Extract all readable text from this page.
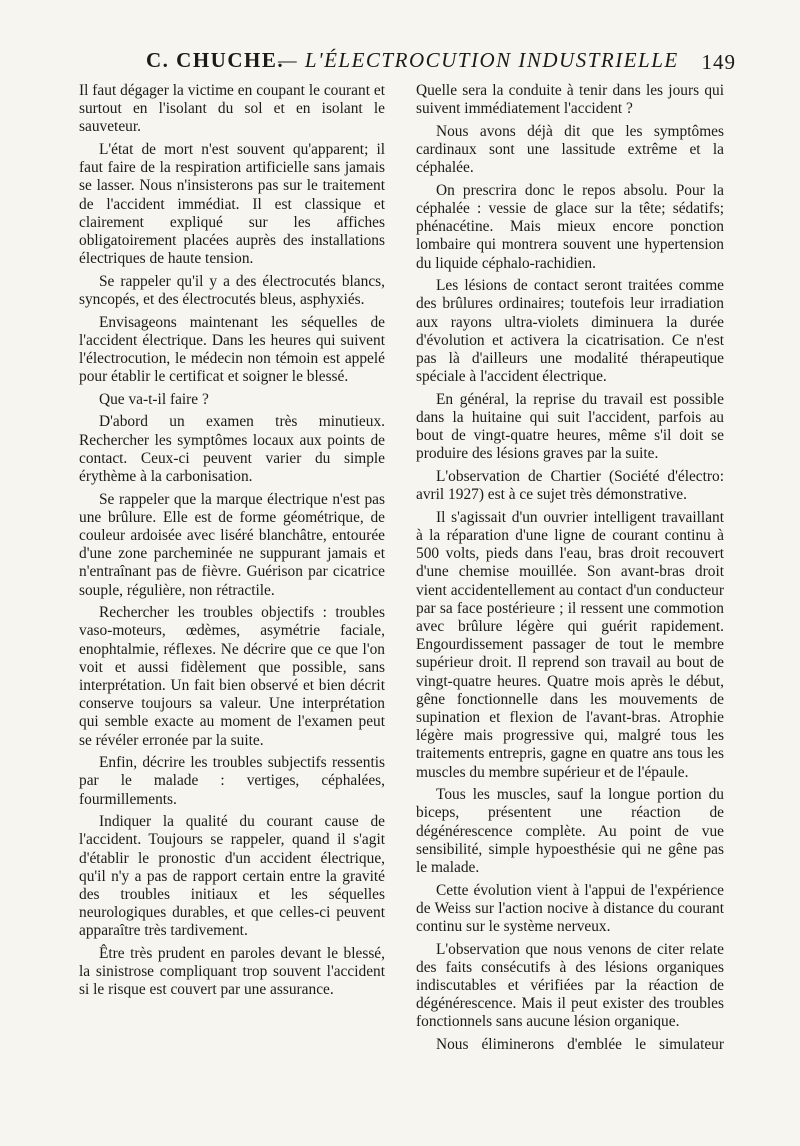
C. CHUCHE.
— L'ÉLECTROCUTION INDUSTRIELLE 149

Il faut dégager la victime en coupant le courant et surtout en l'isolant du sol et en isolant le sauveteur.

L'état de mort n'est souvent qu'apparent; il faut faire de la respiration artificielle sans jamais se lasser. Nous n'insisterons pas sur le traitement de l'accident immédiat. Il est classique et clairement expliqué sur les affiches obligatoirement placées auprès des installations électriques de haute tension.

Se rappeler qu'il y a des électrocutés blancs, syncopés, et des électrocutés bleus, asphyxiés.

Envisageons maintenant les séquelles de l'accident électrique. Dans les heures qui suivent l'électrocution, le médecin non témoin est appelé pour établir le certificat et soigner le blessé.

Que va-t-il faire ?

D'abord un examen très minutieux. Rechercher les symptômes locaux aux points de contact. Ceux-ci peuvent varier du simple érythème à la carbonisation.

Se rappeler que la marque électrique n'est pas une brûlure. Elle est de forme géométrique, de couleur ardoisée avec liséré blanchâtre, entourée d'une zone parcheminée ne suppurant jamais et n'entraînant pas de fièvre. Guérison par cicatrice souple, régulière, non rétractile.

Rechercher les troubles objectifs : troubles vaso-moteurs, œdèmes, asymétrie faciale, enophtalmie, réflexes. Ne décrire que ce que l'on voit et aussi fidèlement que possible, sans interprétation. Un fait bien observé et bien décrit conserve toujours sa valeur. Une interprétation qui semble exacte au moment de l'examen peut se révéler erronée par la suite.

Enfin, décrire les troubles subjectifs ressentis par le malade : vertiges, céphalées, fourmillements.

Indiquer la qualité du courant cause de l'accident. Toujours se rappeler, quand il s'agit d'établir le pronostic d'un accident électrique, qu'il n'y a pas de rapport certain entre la gravité des troubles initiaux et les séquelles neurologiques durables, et que celles-ci peuvent apparaître très tardivement.

Être très prudent en paroles devant le blessé, la sinistrose compliquant trop souvent l'accident si le risque est couvert par une assurance.

Quelle sera la conduite à tenir dans les jours qui suivent immédiatement l'accident ?

Nous avons déjà dit que les symptômes cardinaux sont une lassitude extrême et la céphalée.

On prescrira donc le repos absolu. Pour la céphalée : vessie de glace sur la tête; sédatifs; phénacétine. Mais mieux encore ponction lombaire qui montrera souvent une hypertension du liquide céphalo-rachidien.

Les lésions de contact seront traitées comme des brûlures ordinaires; toutefois leur irradiation aux rayons ultra-violets diminuera la durée d'évolution et activera la cicatrisation. Ce n'est pas là d'ailleurs une modalité thérapeutique spéciale à l'accident électrique.

En général, la reprise du travail est possible dans la huitaine qui suit l'accident, parfois au bout de vingt-quatre heures, même s'il doit se produire des lésions graves par la suite.

L'observation de Chartier (Société d'électro: avril 1927) est à ce sujet très démonstrative.

Il s'agissait d'un ouvrier intelligent travaillant à la réparation d'une ligne de courant continu à 500 volts, pieds dans l'eau, bras droit recouvert d'une chemise mouillée. Son avant-bras droit vient accidentellement au contact d'un conducteur par sa face postérieure ; il ressent une commotion avec brûlure légère qui guérit rapidement. Engourdissement passager de tout le membre supérieur droit. Il reprend son travail au bout de vingt-quatre heures. Quatre mois après le début, gêne fonctionnelle dans les mouvements de supination et flexion de l'avant-bras. Atrophie légère mais progressive qui, malgré tous les traitements entrepris, gagne en quatre ans tous les muscles du membre supérieur et de l'épaule.

Tous les muscles, sauf la longue portion du biceps, présentent une réaction de dégénérescence complète. Au point de vue sensibilité, simple hypoesthésie qui ne gêne pas le malade.

Cette évolution vient à l'appui de l'expérience de Weiss sur l'action nocive à distance du courant continu sur le système nerveux.

L'observation que nous venons de citer relate des faits consécutifs à des lésions organiques indiscutables et vérifiées par la réaction de dégénérescence. Mais il peut exister des troubles fonctionnels sans aucune lésion organique.

Nous éliminerons d'emblée le simulateur
